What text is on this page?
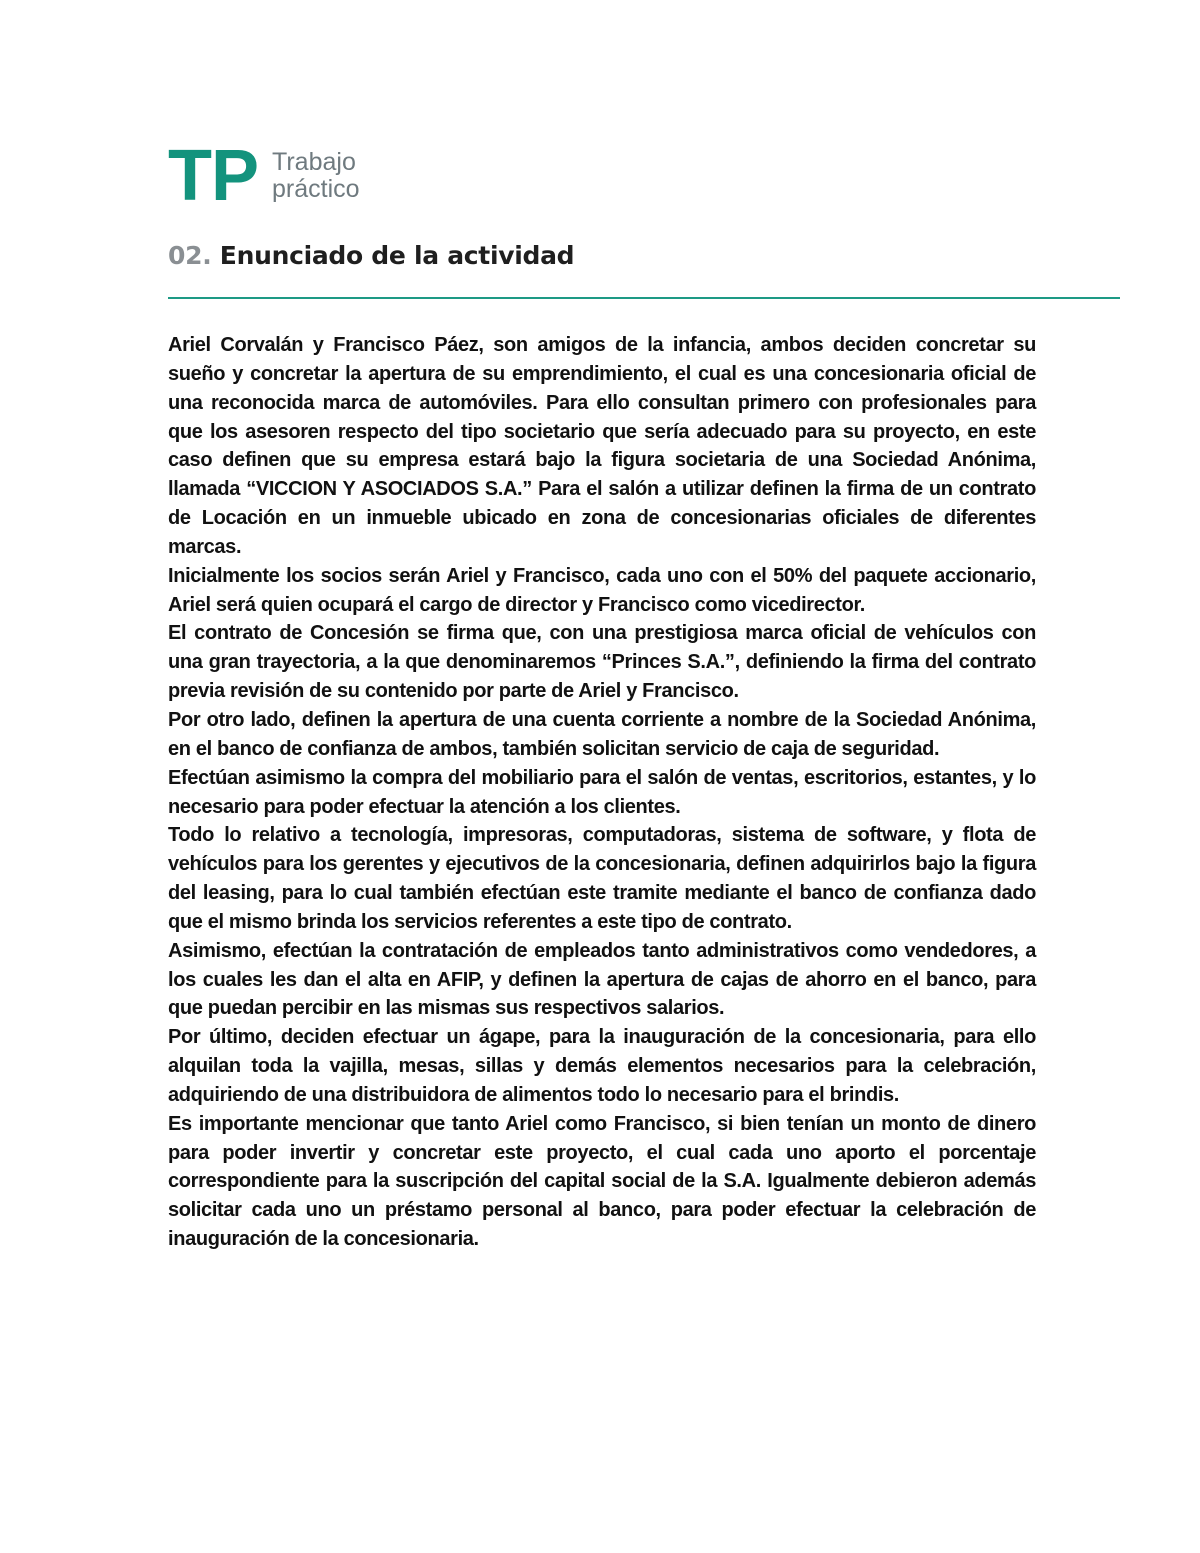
TP Trabajo
práctico
02. Enunciado de la actividad

Ariel Corvalán y Francisco Páez, son amigos de la infancia, ambos deciden concretar su sueño y concretar la apertura de su emprendimiento, el cual es una concesionaria oficial de una reconocida marca de automóviles. Para ello consultan primero con profesionales para que los asesoren respecto del tipo societario que sería adecuado para su proyecto, en este caso definen que su empresa estará bajo la figura societaria de una Sociedad Anónima, llamada “VICCION Y ASOCIADOS S.A.” Para el salón a utilizar definen la firma de un contrato de Locación en un inmueble ubicado en zona de concesionarias oficiales de diferentes marcas.

Inicialmente los socios serán Ariel y Francisco, cada uno con el 50% del paquete accionario, Ariel será quien ocupará el cargo de director y Francisco como vicedirector.

El contrato de Concesión se firma que, con una prestigiosa marca oficial de vehículos con una gran trayectoria, a la que denominaremos “Princes S.A.”, definiendo la firma del contrato previa revisión de su contenido por parte de Ariel y Francisco.

Por otro lado, definen la apertura de una cuenta corriente a nombre de la Sociedad Anónima, en el banco de confianza de ambos, también solicitan servicio de caja de seguridad.

Efectúan asimismo la compra del mobiliario para el salón de ventas, escritorios, estantes, y lo necesario para poder efectuar la atención a los clientes.

Todo lo relativo a tecnología, impresoras, computadoras, sistema de software, y flota de vehículos para los gerentes y ejecutivos de la concesionaria, definen adquirirlos bajo la figura del leasing, para lo cual también efectúan este tramite mediante el banco de confianza dado que el mismo brinda los servicios referentes a este tipo de contrato.

Asimismo, efectúan la contratación de empleados tanto administrativos como vendedores, a los cuales les dan el alta en AFIP, y definen la apertura de cajas de ahorro en el banco, para que puedan percibir en las mismas sus respectivos salarios.

Por último, deciden efectuar un ágape, para la inauguración de la concesionaria, para ello alquilan toda la vajilla, mesas, sillas y demás elementos necesarios para la celebración, adquiriendo de una distribuidora de alimentos todo lo necesario para el brindis.

Es importante mencionar que tanto Ariel como Francisco, si bien tenían un monto de dinero para poder invertir y concretar este proyecto, el cual cada uno aporto el porcentaje correspondiente para la suscripción del capital social de la S.A. Igualmente debieron además solicitar cada uno un préstamo personal al banco, para poder efectuar la celebración de inauguración de la concesionaria.
